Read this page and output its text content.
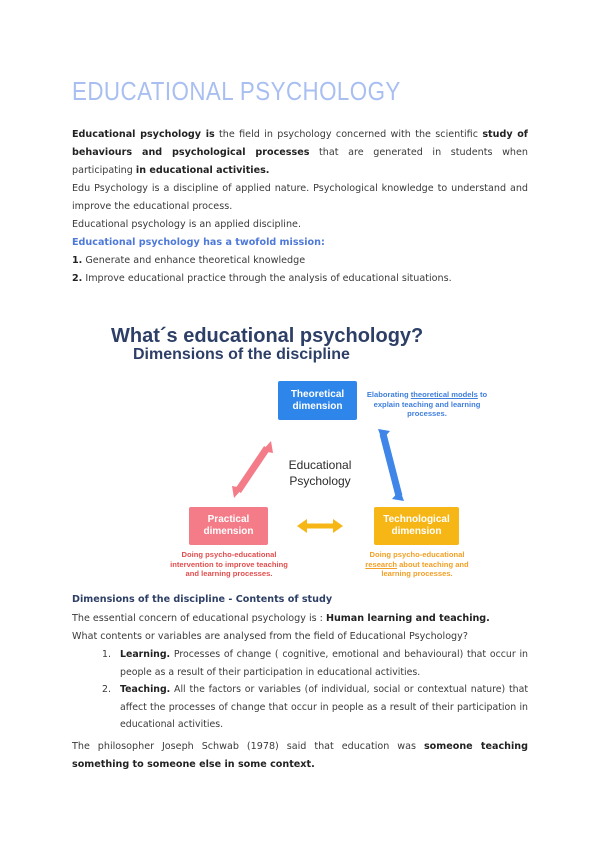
EDUCATIONAL PSYCHOLOGY

Educational psychology is the field in psychology concerned with the scientific study of behaviours and psychological processes that are generated in students when participating in educational activities.

Edu Psychology is a discipline of applied nature. Psychological knowledge to understand and improve the educational process.

Educational psychology is an applied discipline.

Educational psychology has a twofold mission:

1. Generate and enhance theoretical knowledge

2. Improve educational practice through the analysis of educational situations.

What´s educational psychology?
Dimensions of the discipline
Theoretical dimension
Practical dimension
Technological dimension
Educational Psychology
Elaborating theoretical models to explain teaching and learning processes.
Doing psycho-educational intervention to improve teaching and learning processes.
Doing psycho-educational research about teaching and learning processes.
Dimensions of the discipline - Contents of study

The essential concern of educational psychology is : Human learning and teaching.

What contents or variables are analysed from the field of Educational Psychology?

1. Learning. Processes of change ( cognitive, emotional and behavioural) that occur in people as a result of their participation in educational activities.
2. Teaching. All the factors or variables (of individual, social or contextual nature) that affect the processes of change that occur in people as a result of their participation in educational activities.

The philosopher Joseph Schwab (1978) said that education was someone teaching something to someone else in some context.
